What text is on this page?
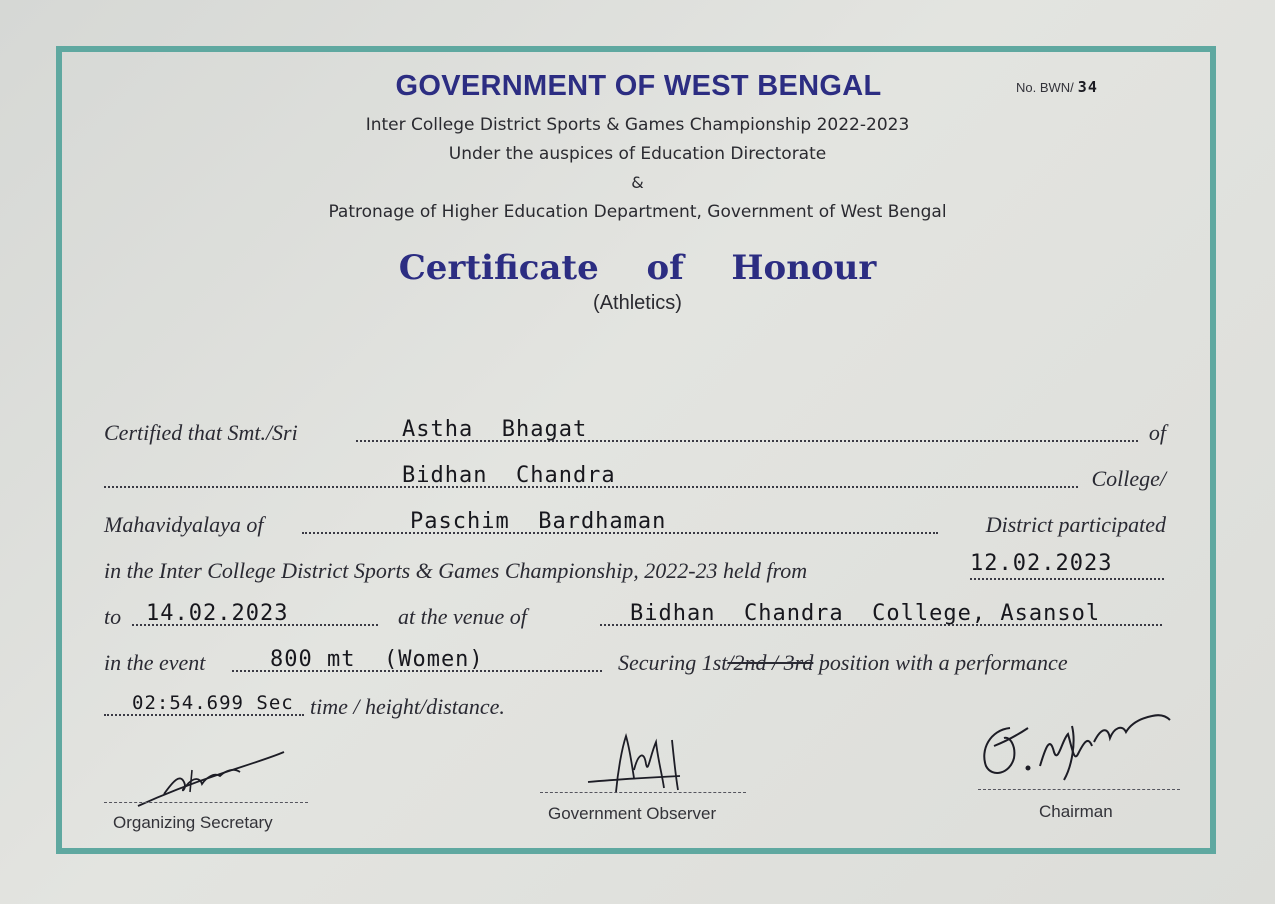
GOVERNMENT OF WEST BENGAL	No. BWN/ 34
Inter College District Sports & Games Championship 2022-2023
Under the auspices of Education Directorate
&
Patronage of Higher Education Department, Government of West Bengal
Certificate  of  Honour
(Athletics)
Certified that Smt./Sri	Astha  Bhagat	of
Bidhan  Chandra	College/
Mahavidyalaya of	Paschim  Bardhaman	District participated
in the Inter College District Sports & Games Championship, 2022-23 held from	12.02.2023
to 14.02.2023	at the venue of	Bidhan  Chandra  College, Asansol
in the event	800 mt  (Women)	Securing 1st/2nd / 3rd position with a performance
02:54.699 Sec time / height/distance.
Organizing Secretary	Government Observer	Chairman
